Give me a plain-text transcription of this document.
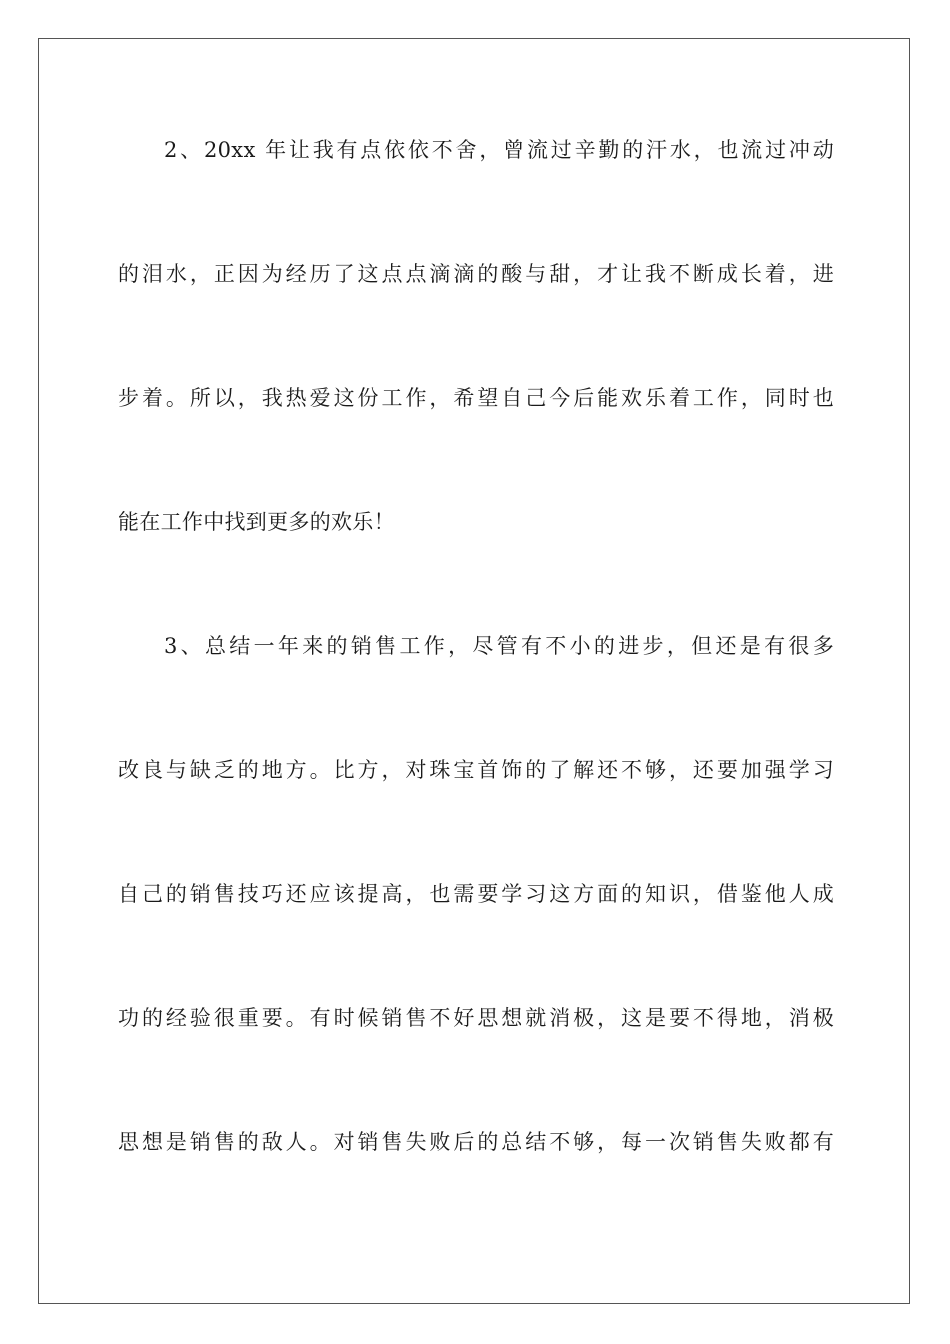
2、20xx 年让我有点依依不舍，曾流过辛勤的汗水，也流过冲动
的泪水，正因为经历了这点点滴滴的酸与甜，才让我不断成长着，进
步着。所以，我热爱这份工作，希望自己今后能欢乐着工作，同时也
能在工作中找到更多的欢乐！
3、总结一年来的销售工作，尽管有不小的进步，但还是有很多
改良与缺乏的地方。比方，对珠宝首饰的了解还不够，还要加强学习
自己的销售技巧还应该提高，也需要学习这方面的知识，借鉴他人成
功的经验很重要。有时候销售不好思想就消极，这是要不得地，消极
思想是销售的敌人。对销售失败后的总结不够，每一次销售失败都有
